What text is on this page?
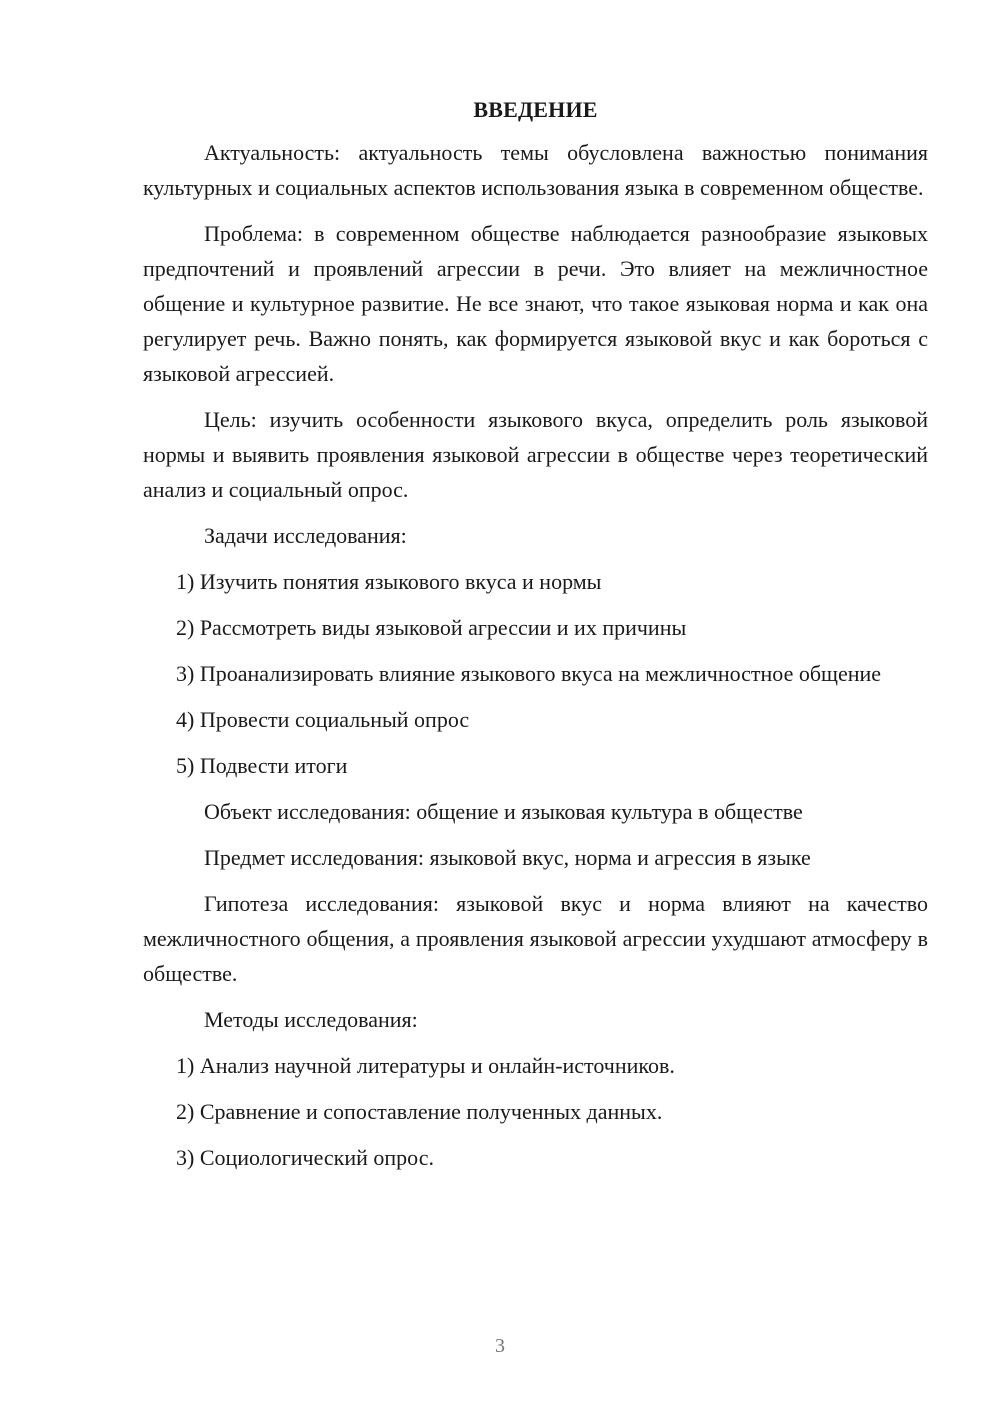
ВВЕДЕНИЕ

Актуальность: актуальность темы обусловлена важностью понимания культурных и социальных аспектов использования языка в современном обществе.

Проблема: в современном обществе наблюдается разнообразие языковых предпочтений и проявлений агрессии в речи. Это влияет на межличностное общение и культурное развитие. Не все знают, что такое языковая норма и как она регулирует речь. Важно понять, как формируется языковой вкус и как бороться с языковой агрессией.

Цель: изучить особенности языкового вкуса, определить роль языковой нормы и выявить проявления языковой агрессии в обществе через теоретический анализ и социальный опрос.

Задачи исследования:

1) Изучить понятия языкового вкуса и нормы

2) Рассмотреть виды языковой агрессии и их причины

3) Проанализировать влияние языкового вкуса на межличностное общение

4) Провести социальный опрос

5) Подвести итоги

Объект исследования: общение и языковая культура в обществе

Предмет исследования: языковой вкус, норма и агрессия в языке

Гипотеза исследования: языковой вкус и норма влияют на качество межличностного общения, а проявления языковой агрессии ухудшают атмосферу в обществе.

Методы исследования:

1) Анализ научной литературы и онлайн-источников.

2) Сравнение и сопоставление полученных данных.

3) Социологический опрос.

3
